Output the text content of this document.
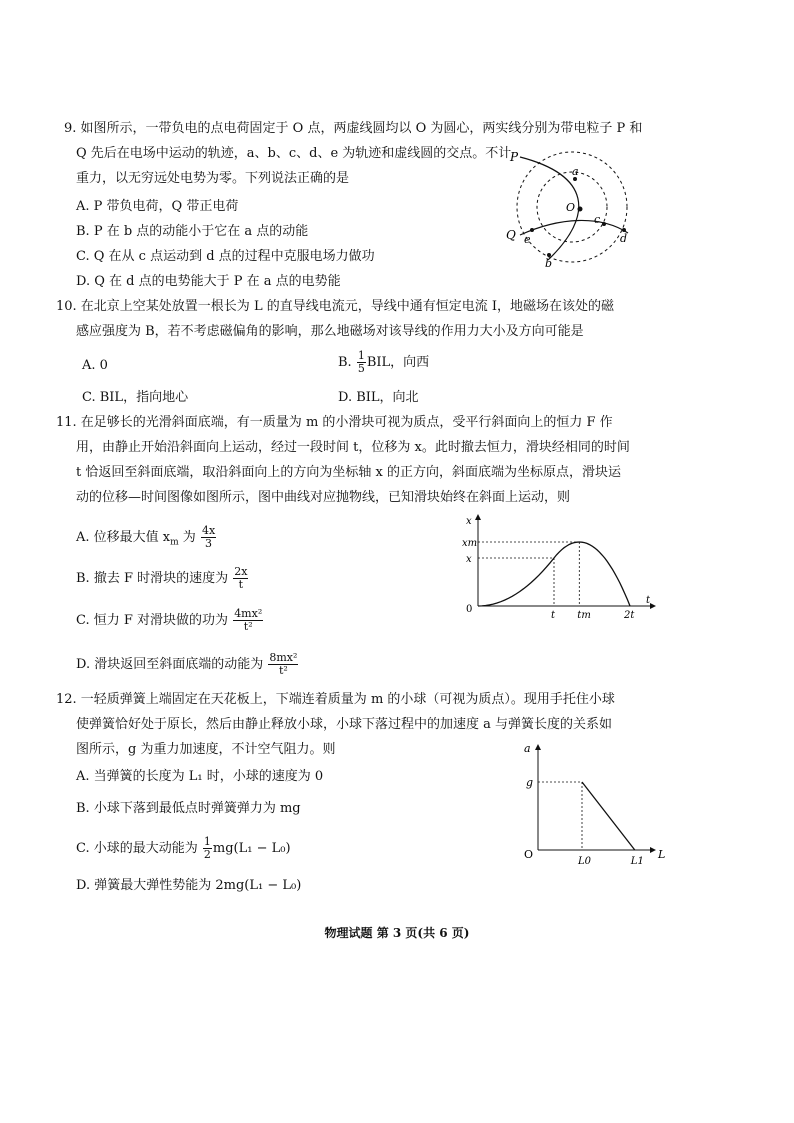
9. 如图所示，一带负电的点电荷固定于 O 点，两虚线圆均以 O 为圆心，两实线分别为带电粒子 P 和
Q 先后在电场中运动的轨迹，a、b、c、d、e 为轨迹和虚线圆的交点。不计
重力，以无穷远处电势为零。下列说法正确的是
A. P 带负电荷，Q 带正电荷
B. P 在 b 点的动能小于它在 a 点的动能
C. Q 在从 c 点运动到 d 点的过程中克服电场力做功
D. Q 在 d 点的电势能大于 P 在 a 点的电势能
P
Q
O
a
b
c
d
e
10. 在北京上空某处放置一根长为 L 的直导线电流元，导线中通有恒定电流 I，地磁场在该处的磁
感应强度为 B，若不考虑磁偏角的影响，那么地磁场对该导线的作用力大小及方向可能是
A. 0	B. $\frac{1}{5}$ BIL，向西
C. BIL，指向地心	D. BIL，向北
11. 在足够长的光滑斜面底端，有一质量为 m 的小滑块可视为质点，受平行斜面向上的恒力 F 作
用，由静止开始沿斜面向上运动，经过一段时间 t，位移为 x。此时撤去恒力，滑块经相同的时间
t 恰返回至斜面底端，取沿斜面向上的方向为坐标轴 x 的正方向，斜面底端为坐标原点，滑块运
动的位移—时间图像如图所示，图中曲线对应抛物线，已知滑块始终在斜面上运动，则
A. 位移最大值 $x_m$ 为 $\frac{4x}{3}$
B. 撤去 F 时滑块的速度为 $\frac{2x}{t}$
C. 恒力 F 对滑块做的功为 $\frac{\text{4mx²}}{\text{t²}}$
D. 滑块返回至斜面底端的动能为 $\frac{\text{8mx²}}{\text{t²}}$
x
t
0
t tm	2t
x
xm
12. 一轻质弹簧上端固定在天花板上，下端连着质量为 m 的小球（可视为质点）。现用手托住小球
使弹簧恰好处于原长，然后由静止释放小球，小球下落过程中的加速度 a 与弹簧长度的关系如
图所示，g 为重力加速度，不计空气阻力。则
A. 当弹簧的长度为 L₁ 时，小球的速度为 0
B. 小球下落到最低点时弹簧弹力为 mg
C. 小球的最大动能为 $\frac{1}{2} mg(L_1 - L_0)$
D. 弹簧最大弹性势能为 2mg(L₁ − L₀)
a
L
O
g
L0	L1
物理试题 第 3 页(共 6 页)
